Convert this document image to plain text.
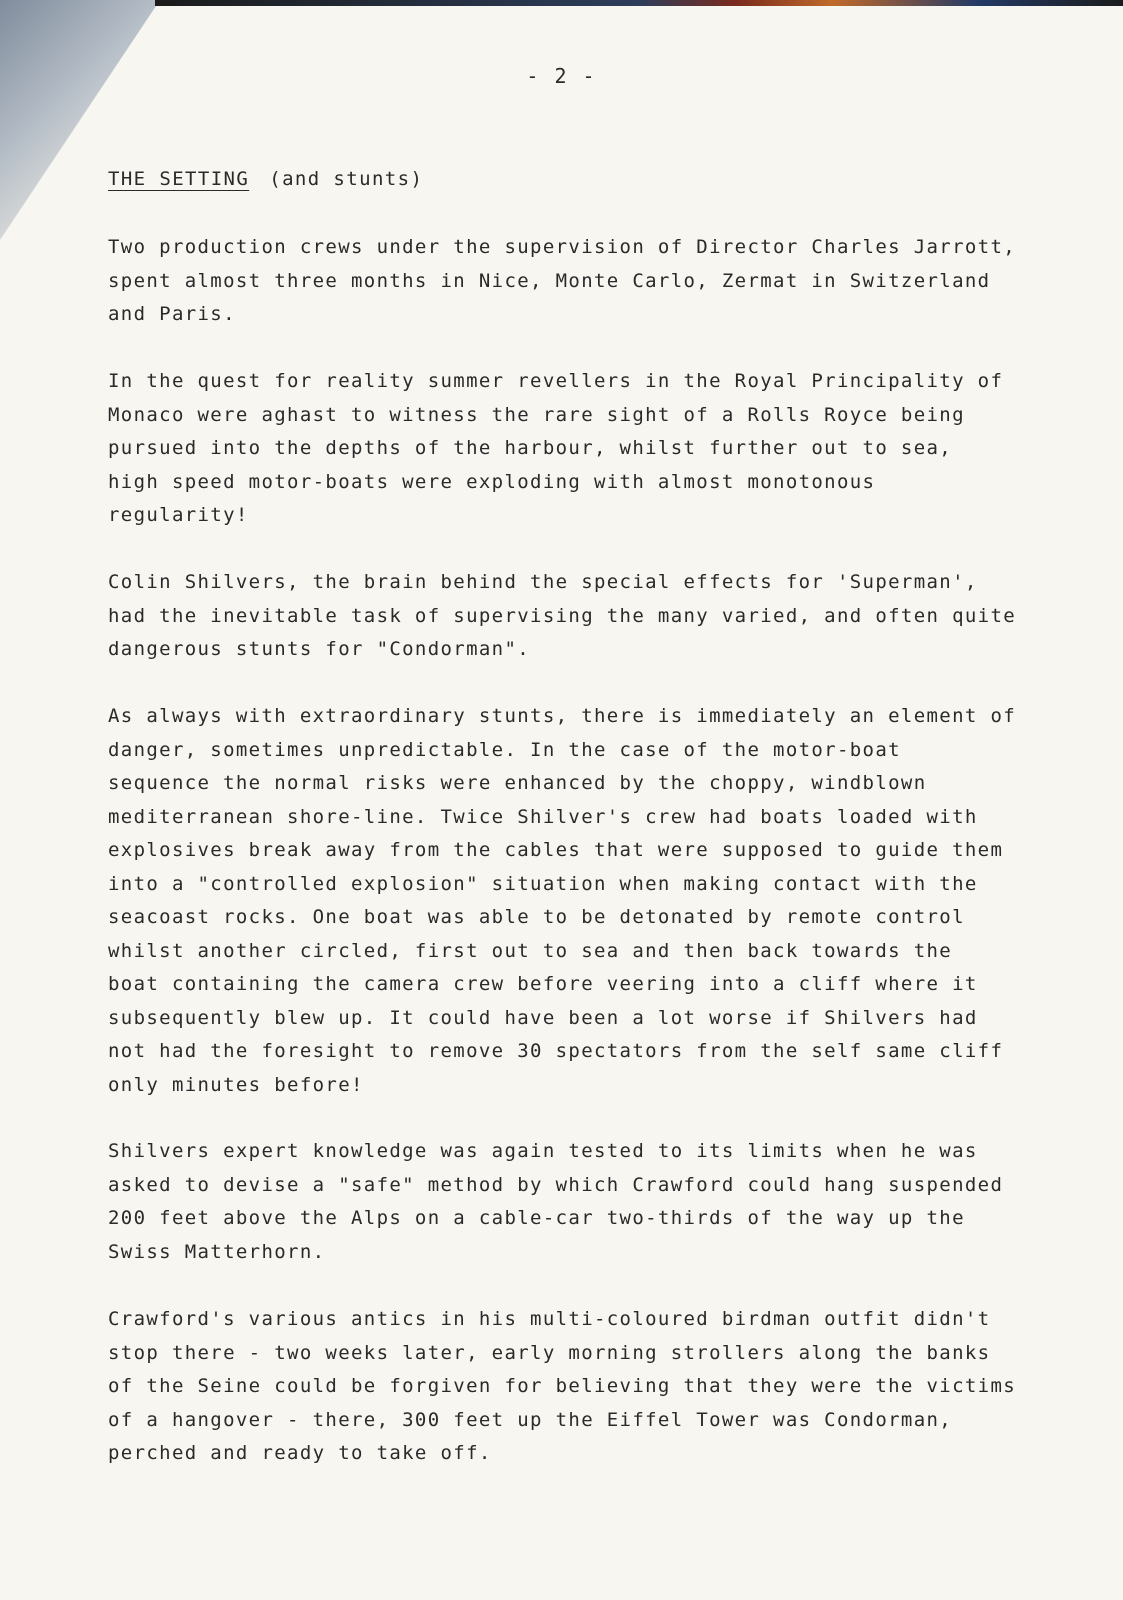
- 2 -
THE SETTING (and stunts)
Two production crews under the supervision of Director Charles Jarrott,
spent almost three months in Nice, Monte Carlo, Zermat in Switzerland
and Paris.
In the quest for reality summer revellers in the Royal Principality of
Monaco were aghast to witness the rare sight of a Rolls Royce being
pursued into the depths of the harbour, whilst further out to sea,
high speed motor-boats were exploding with almost monotonous
regularity!
Colin Shilvers, the brain behind the special effects for 'Superman',
had the inevitable task of supervising the many varied, and often quite
dangerous stunts for "Condorman".
As always with extraordinary stunts, there is immediately an element of
danger, sometimes unpredictable. In the case of the motor-boat
sequence the normal risks were enhanced by the choppy, windblown
mediterranean shore-line. Twice Shilver's crew had boats loaded with
explosives break away from the cables that were supposed to guide them
into a "controlled explosion" situation when making contact with the
seacoast rocks. One boat was able to be detonated by remote control
whilst another circled, first out to sea and then back towards the
boat containing the camera crew before veering into a cliff where it
subsequently blew up. It could have been a lot worse if Shilvers had
not had the foresight to remove 30 spectators from the self same cliff
only minutes before!
Shilvers expert knowledge was again tested to its limits when he was
asked to devise a "safe" method by which Crawford could hang suspended
200 feet above the Alps on a cable-car two-thirds of the way up the
Swiss Matterhorn.
Crawford's various antics in his multi-coloured birdman outfit didn't
stop there - two weeks later, early morning strollers along the banks
of the Seine could be forgiven for believing that they were the victims
of a hangover - there, 300 feet up the Eiffel Tower was Condorman,
perched and ready to take off.
